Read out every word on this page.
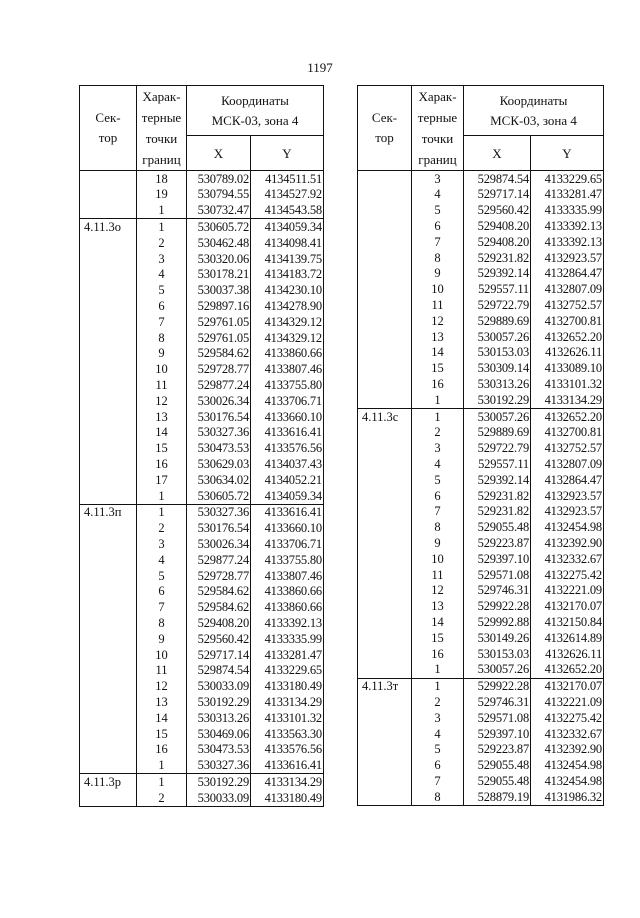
1197
Сек-
тор	Харак-
терные
точки
границ	Координаты
МСК-03, зона 4	
		X	Y
	18	530789.02	4134511.51
	19	530794.55	4134527.92
	1	530732.47	4134543.58
4.11.3о	1	530605.72	4134059.34
	2	530462.48	4134098.41
	3	530320.06	4134139.75
	4	530178.21	4134183.72
	5	530037.38	4134230.10
	6	529897.16	4134278.90
	7	529761.05	4134329.12
	8	529761.05	4134329.12
	9	529584.62	4133860.66
	10	529728.77	4133807.46
	11	529877.24	4133755.80
	12	530026.34	4133706.71
	13	530176.54	4133660.10
	14	530327.36	4133616.41
	15	530473.53	4133576.56
	16	530629.03	4134037.43
	17	530634.02	4134052.21
	1	530605.72	4134059.34
4.11.3п	1	530327.36	4133616.41
	2	530176.54	4133660.10
	3	530026.34	4133706.71
	4	529877.24	4133755.80
	5	529728.77	4133807.46
	6	529584.62	4133860.66
	7	529584.62	4133860.66
	8	529408.20	4133392.13
	9	529560.42	4133335.99
	10	529717.14	4133281.47
	11	529874.54	4133229.65
	12	530033.09	4133180.49
	13	530192.29	4133134.29
	14	530313.26	4133101.32
	15	530469.06	4133563.30
	16	530473.53	4133576.56
	1	530327.36	4133616.41
4.11.3р	1	530192.29	4133134.29
	2	530033.09	4133180.49
Сек-
тор	Харак-
терные
точки
границ	Координаты
МСК-03, зона 4	
		X	Y
	3	529874.54	4133229.65
	4	529717.14	4133281.47
	5	529560.42	4133335.99
	6	529408.20	4133392.13
	7	529408.20	4133392.13
	8	529231.82	4132923.57
	9	529392.14	4132864.47
	10	529557.11	4132807.09
	11	529722.79	4132752.57
	12	529889.69	4132700.81
	13	530057.26	4132652.20
	14	530153.03	4132626.11
	15	530309.14	4133089.10
	16	530313.26	4133101.32
	1	530192.29	4133134.29
4.11.3с	1	530057.26	4132652.20
	2	529889.69	4132700.81
	3	529722.79	4132752.57
	4	529557.11	4132807.09
	5	529392.14	4132864.47
	6	529231.82	4132923.57
	7	529231.82	4132923.57
	8	529055.48	4132454.98
	9	529223.87	4132392.90
	10	529397.10	4132332.67
	11	529571.08	4132275.42
	12	529746.31	4132221.09
	13	529922.28	4132170.07
	14	529992.88	4132150.84
	15	530149.26	4132614.89
	16	530153.03	4132626.11
	1	530057.26	4132652.20
4.11.3т	1	529922.28	4132170.07
	2	529746.31	4132221.09
	3	529571.08	4132275.42
	4	529397.10	4132332.67
	5	529223.87	4132392.90
	6	529055.48	4132454.98
	7	529055.48	4132454.98
	8	528879.19	4131986.32
